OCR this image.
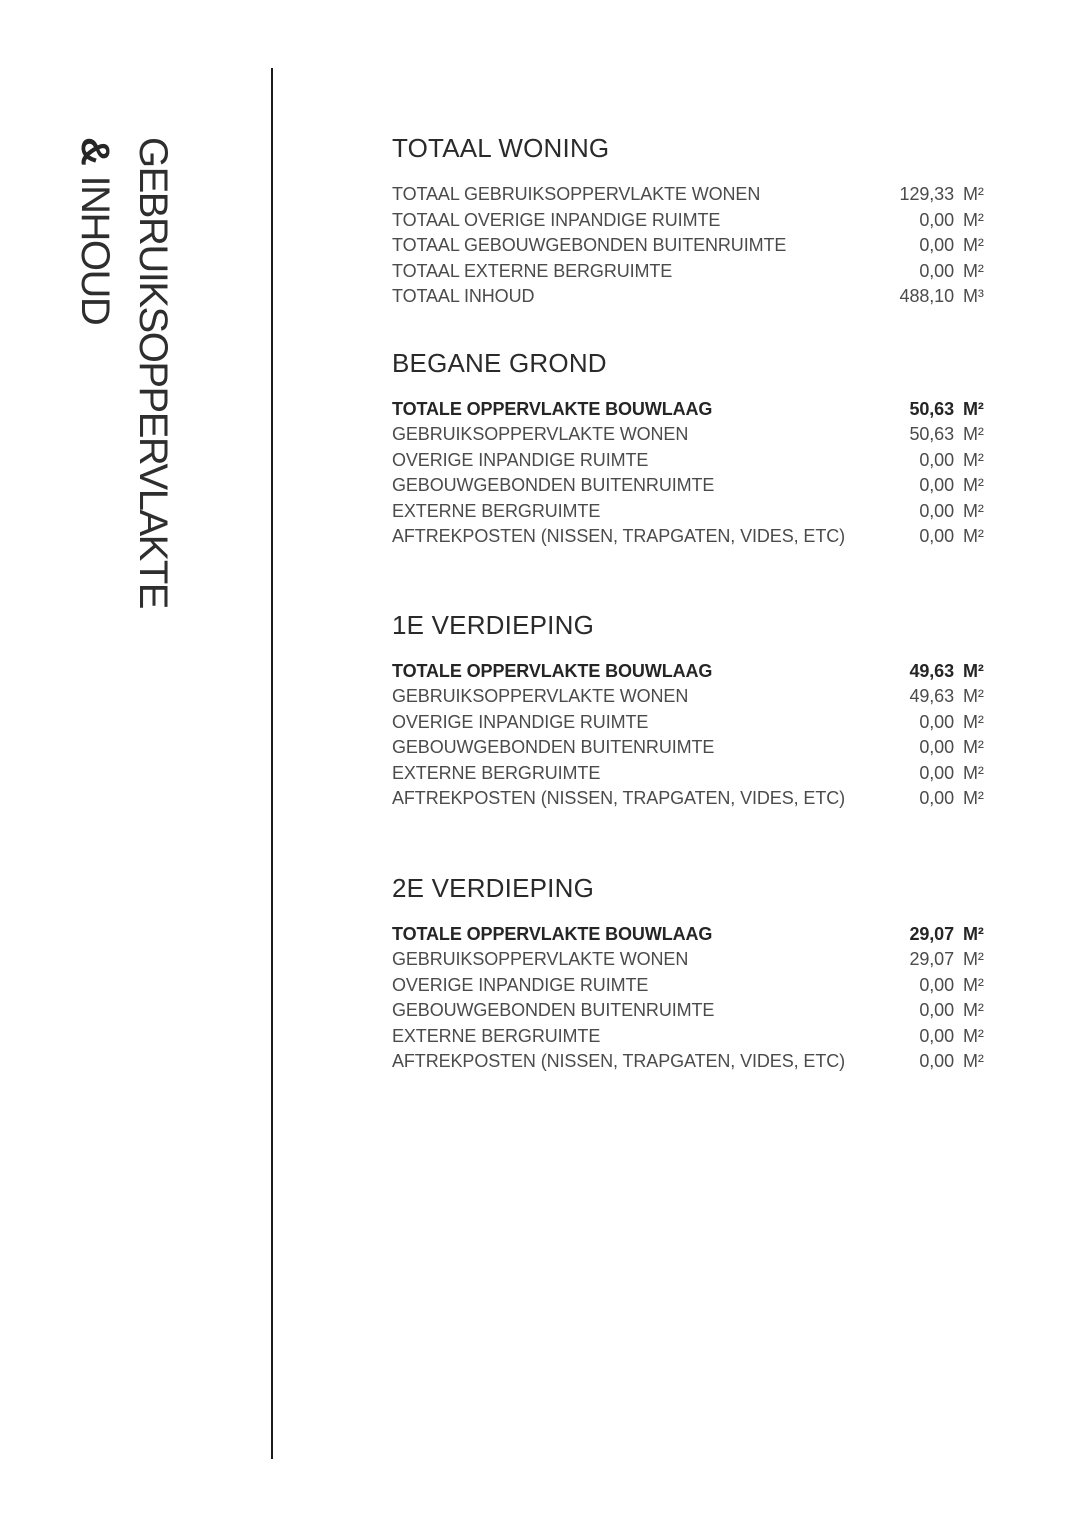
GEBRUIKSOPPERVLAKTE
& INHOUD
TOTAAL WONING
TOTAAL GEBRUIKSOPPERVLAKTE WONEN	129,33 M²
TOTAAL OVERIGE INPANDIGE RUIMTE	0,00 M²
TOTAAL GEBOUWGEBONDEN BUITENRUIMTE	0,00 M²
TOTAAL EXTERNE BERGRUIMTE	0,00 M²
TOTAAL INHOUD	488,10 M³
BEGANE GROND
TOTALE OPPERVLAKTE BOUWLAAG	50,63 M²
GEBRUIKSOPPERVLAKTE WONEN	50,63 M²
OVERIGE INPANDIGE RUIMTE	0,00 M²
GEBOUWGEBONDEN BUITENRUIMTE	0,00 M²
EXTERNE BERGRUIMTE	0,00 M²
AFTREKPOSTEN (NISSEN, TRAPGATEN, VIDES, ETC)	0,00 M²
1E VERDIEPING
TOTALE OPPERVLAKTE BOUWLAAG	49,63 M²
GEBRUIKSOPPERVLAKTE WONEN	49,63 M²
OVERIGE INPANDIGE RUIMTE	0,00 M²
GEBOUWGEBONDEN BUITENRUIMTE	0,00 M²
EXTERNE BERGRUIMTE	0,00 M²
AFTREKPOSTEN (NISSEN, TRAPGATEN, VIDES, ETC)	0,00 M²
2E VERDIEPING
TOTALE OPPERVLAKTE BOUWLAAG	29,07 M²
GEBRUIKSOPPERVLAKTE WONEN	29,07 M²
OVERIGE INPANDIGE RUIMTE	0,00 M²
GEBOUWGEBONDEN BUITENRUIMTE	0,00 M²
EXTERNE BERGRUIMTE	0,00 M²
AFTREKPOSTEN (NISSEN, TRAPGATEN, VIDES, ETC)	0,00 M²
